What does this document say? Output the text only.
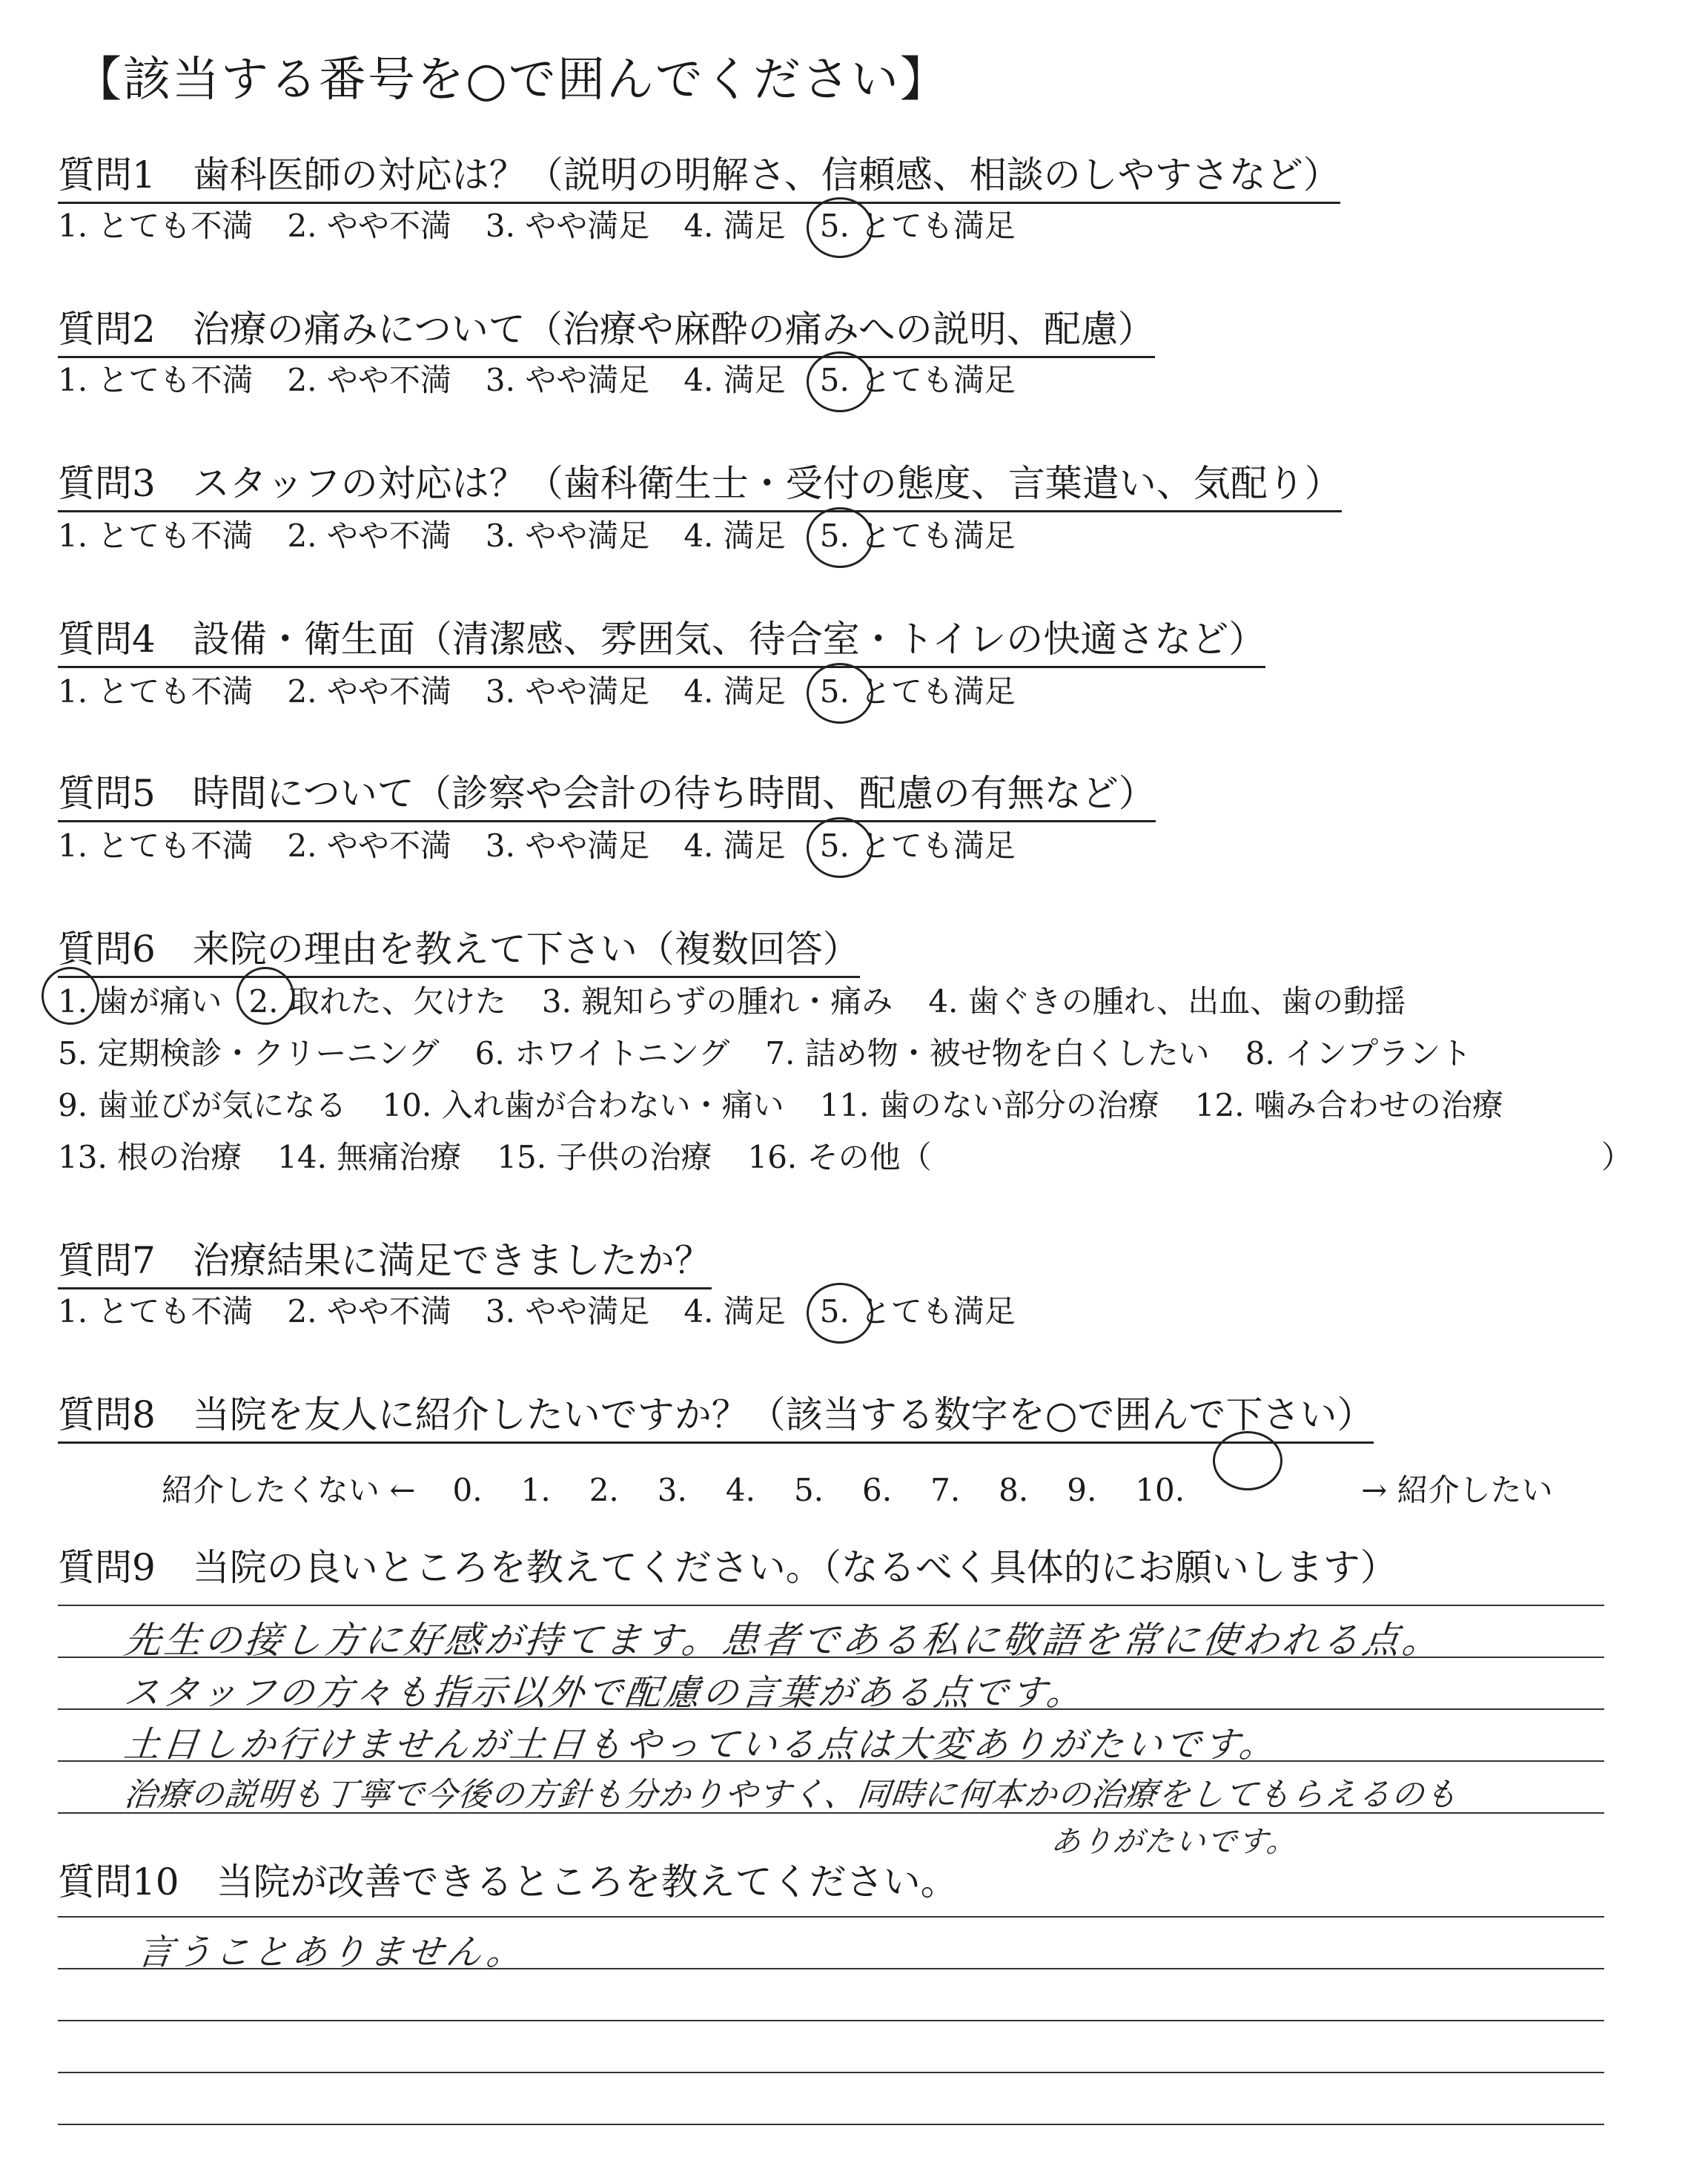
【該当する番号を○で囲んでください】
質問1　歯科医師の対応は？（説明の明解さ、信頼感、相談のしやすさなど）
1. とても不満 2. やや不満 3. やや満足 4. 満足 5. とても満足
質問2　治療の痛みについて（治療や麻酔の痛みへの説明、配慮）
1. とても不満 2. やや不満 3. やや満足 4. 満足 5. とても満足
質問3　スタッフの対応は？（歯科衛生士・受付の態度、言葉遣い、気配り）
1. とても不満 2. やや不満 3. やや満足 4. 満足 5. とても満足
質問4　設備・衛生面（清潔感、雰囲気、待合室・トイレの快適さなど）
1. とても不満 2. やや不満 3. やや満足 4. 満足 5. とても満足
質問5　時間について（診察や会計の待ち時間、配慮の有無など）
1. とても不満 2. やや不満 3. やや満足 4. 満足 5. とても満足
質問6　来院の理由を教えて下さい（複数回答）
1. 歯が痛い 2. 取れた、欠けた 3. 親知らずの腫れ・痛み 4. 歯ぐきの腫れ、出血、歯の動揺
5. 定期検診・クリーニング 6. ホワイトニング 7. 詰め物・被せ物を白くしたい 8. インプラント
9. 歯並びが気になる 10. 入れ歯が合わない・痛い 11. 歯のない部分の治療 12. 噛み合わせの治療
13. 根の治療 14. 無痛治療 15. 子供の治療 16. その他（	）
質問7　治療結果に満足できましたか？
1. とても不満 2. やや不満 3. やや満足 4. 満足 5. とても満足
質問8　当院を友人に紹介したいですか？（該当する数字を○で囲んで下さい）
紹介したくない ← 0. 1. 2. 3. 4. 5. 6. 7. 8. 9. 10.	→ 紹介したい
質問9　当院の良いところを教えてください。（なるべく具体的にお願いします）
先生の接し方に好感が持てます。患者である私に敬語を常に使われる点。
スタッフの方々も指示以外で配慮の言葉がある点です。
土日しか行けませんが土日もやっている点は大変ありがたいです。
治療の説明も丁寧で今後の方針も分かりやすく、同時に何本かの治療をしてもらえるのも
ありがたいです。
質問10　当院が改善できるところを教えてください。
言うことありません。
